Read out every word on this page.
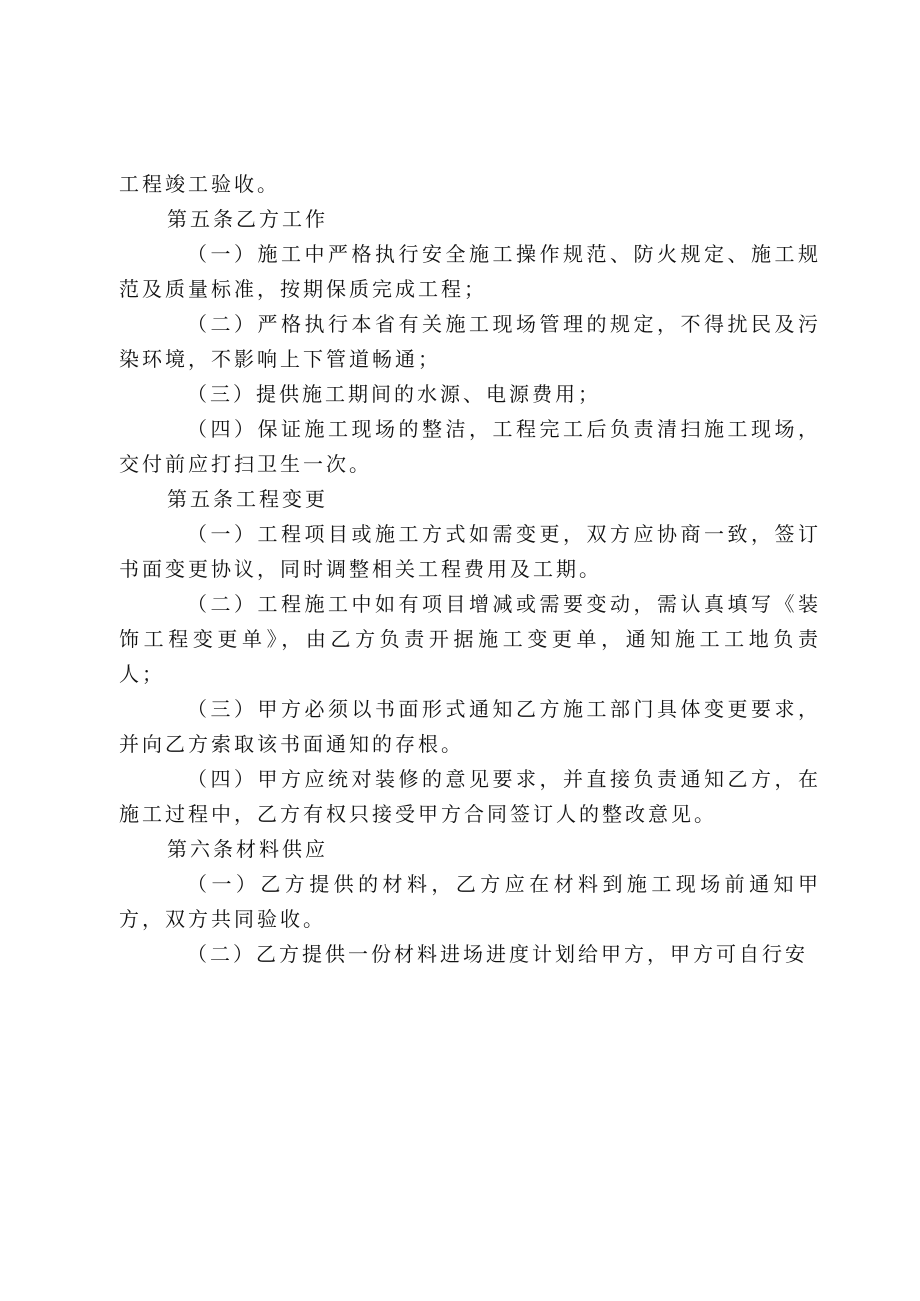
工程竣工验收。

第五条乙方工作

（一）施工中严格执行安全施工操作规范、防火规定、施工规范及质量标准，按期保质完成工程；

（二）严格执行本省有关施工现场管理的规定，不得扰民及污染环境，不影响上下管道畅通；

（三）提供施工期间的水源、电源费用；

（四）保证施工现场的整洁，工程完工后负责清扫施工现场，交付前应打扫卫生一次。

第五条工程变更

（一）工程项目或施工方式如需变更，双方应协商一致，签订书面变更协议，同时调整相关工程费用及工期。

（二）工程施工中如有项目增减或需要变动，需认真填写《装饰工程变更单》，由乙方负责开据施工变更单，通知施工工地负责人；

（三）甲方必须以书面形式通知乙方施工部门具体变更要求，并向乙方索取该书面通知的存根。

（四）甲方应统对装修的意见要求，并直接负责通知乙方，在施工过程中，乙方有权只接受甲方合同签订人的整改意见。

第六条材料供应

（一）乙方提供的材料，乙方应在材料到施工现场前通知甲方，双方共同验收。

（二）乙方提供一份材料进场进度计划给甲方，甲方可自行安
